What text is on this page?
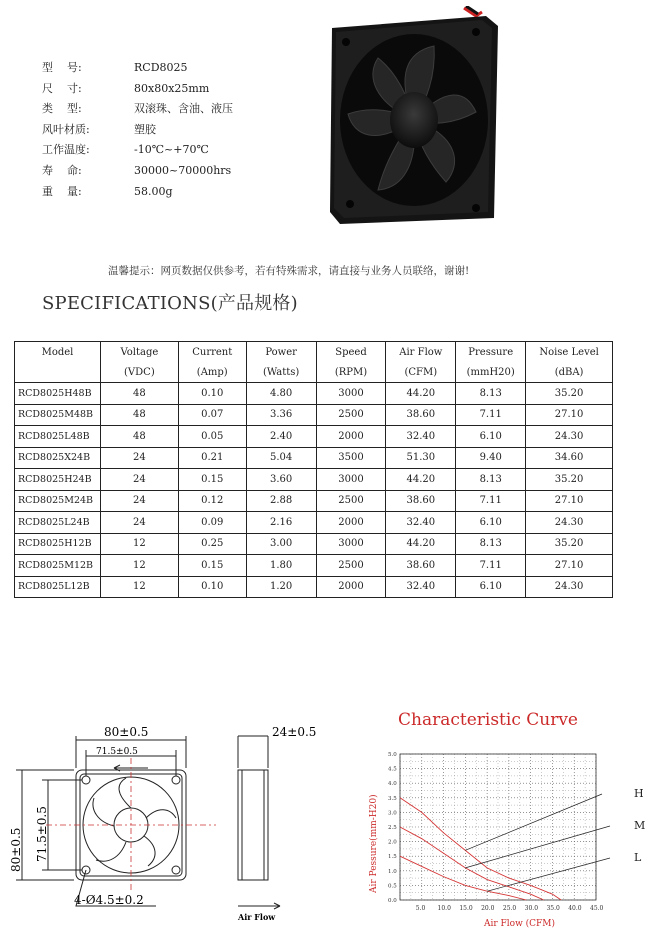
型    号:	RCD8025
尺    寸:	80x80x25mm
类    型:	双滚珠、含油、液压
风叶材质:	塑胶
工作温度:	-10℃~+70℃
寿    命:	30000~70000hrs
重    量:	58.00g
温馨提示：网页数据仅供参考，若有特殊需求，请直接与业务人员联络，谢谢!
SPECIFICATIONS(产品规格)
Model	Voltage	Current	Power	Speed	Air Flow	Pressure	Noise Level
	(VDC)	(Amp)	(Watts)	(RPM)	(CFM)	(mmH20)	(dBA)
RCD8025H48B	48	0.10	4.80	3000	44.20	8.13	35.20
RCD8025M48B	48	0.07	3.36	2500	38.60	7.11	27.10
RCD8025L48B	48	0.05	2.40	2000	32.40	6.10	24.30
RCD8025X24B	24	0.21	5.04	3500	51.30	9.40	34.60
RCD8025H24B	24	0.15	3.60	3000	44.20	8.13	35.20
RCD8025M24B	24	0.12	2.88	2500	38.60	7.11	27.10
RCD8025L24B	24	0.09	2.16	2000	32.40	6.10	24.30
RCD8025H12B	12	0.25	3.00	3000	44.20	8.13	35.20
RCD8025M12B	12	0.15	1.80	2500	38.60	7.11	27.10
RCD8025L12B	12	0.10	1.20	2000	32.40	6.10	24.30
80±0.5
71.5±0.5
24±0.5
80±0.5 71.5±0.5
4-Ø4.5±0.2
Air Flow
Characteristic Curve
5.0 10.0 15.0 20.0 25.0 30.0 35.0 40.0 45.0
0.0
0.5
1.0
1.5
2.0
2.5
3.0
3.5
4.0
4.5
5.0
H
M
L
Air Flow (CFM)
Air Pessure(mm-H20)
